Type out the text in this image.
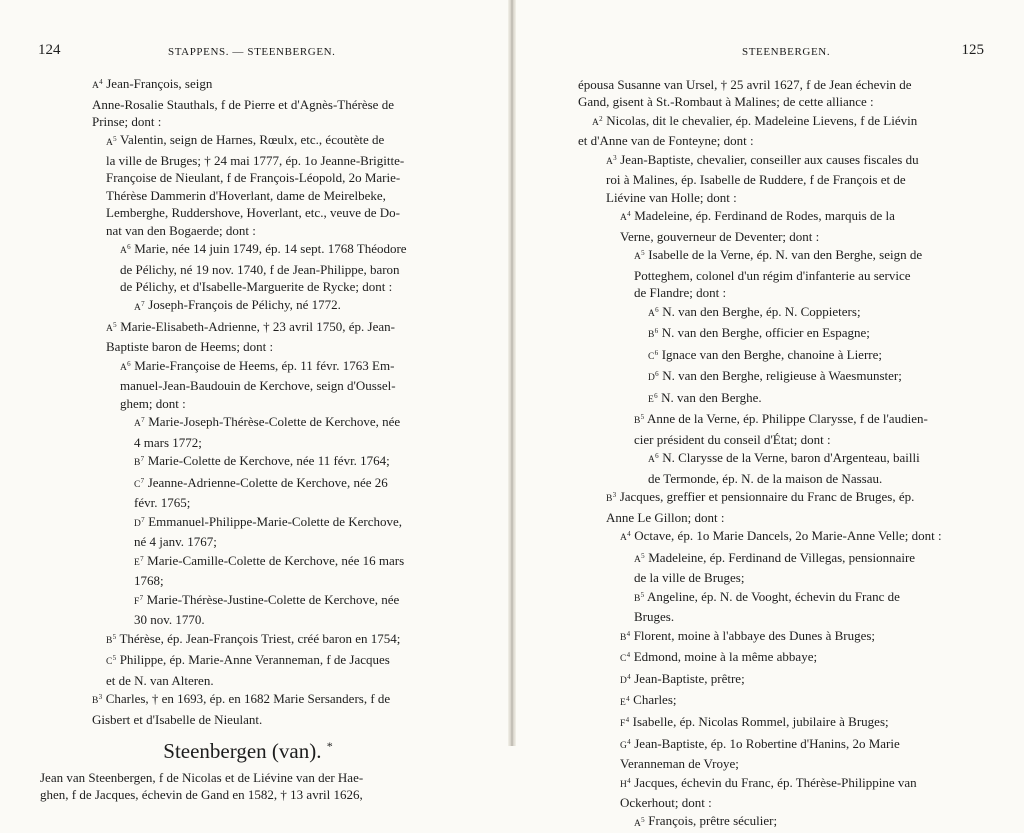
124	STAPPENS. — STEENBERGEN.

$A^4$ Jean-François, seign

Anne-Rosalie Stauthals, f de Pierre et d'Agnès-Thérèse de

Prinse; dont :

$A^5$ Valentin, seign de Harnes, Rœulx, etc., écoutète de

la ville de Bruges; † 24 mai 1777, ép. 1o Jeanne-Brigitte-

Françoise de Nieulant, f de François-Léopold, 2o Marie-

Thérèse Dammerin d'Hoverlant, dame de Meirelbeke,

Lemberghe, Ruddershove, Hoverlant, etc., veuve de Do-

nat van den Bogaerde; dont :

$A^6$ Marie, née 14 juin 1749, ép. 14 sept. 1768 Théodore

de Pélichy, né 19 nov. 1740, f de Jean-Philippe, baron

de Pélichy, et d'Isabelle-Marguerite de Rycke; dont :

$A^7$ Joseph-François de Pélichy, né 1772.

$A^5$ Marie-Elisabeth-Adrienne, † 23 avril 1750, ép. Jean-

Baptiste baron de Heems; dont :

$A^6$ Marie-Françoise de Heems, ép. 11 févr. 1763 Em-

manuel-Jean-Baudouin de Kerchove, seign d'Oussel-

ghem; dont :

$A^7$ Marie-Joseph-Thérèse-Colette de Kerchove, née

4 mars 1772;

$B^7$ Marie-Colette de Kerchove, née 11 févr. 1764;

$C^7$ Jeanne-Adrienne-Colette de Kerchove, née 26

févr. 1765;

$D^7$ Emmanuel-Philippe-Marie-Colette de Kerchove,

né 4 janv. 1767;

$E^7$ Marie-Camille-Colette de Kerchove, née 16 mars

1768;

$F^7$ Marie-Thérèse-Justine-Colette de Kerchove, née

30 nov. 1770.

$B^5$ Thérèse, ép. Jean-François Triest, créé baron en 1754;

$C^5$ Philippe, ép. Marie-Anne Veranneman, f de Jacques

et de N. van Alteren.

$B^3$ Charles, † en 1693, ép. en 1682 Marie Sersanders, f de

Gisbert et d'Isabelle de Nieulant.

Steenbergen (van). *

Jean van Steenbergen, f de Nicolas et de Liévine van der Hae-

ghen, f de Jacques, échevin de Gand en 1582, † 13 avril 1626,

STEENBERGEN.	125

épousa Susanne van Ursel, † 25 avril 1627, f de Jean échevin de

Gand, gisent à St.-Rombaut à Malines; de cette alliance :

$A^2$ Nicolas, dit le chevalier, ép. Madeleine Lievens, f de Liévin

et d'Anne van de Fonteyne; dont :

$A^3$ Jean-Baptiste, chevalier, conseiller aux causes fiscales du

roi à Malines, ép. Isabelle de Ruddere, f de François et de

Liévine van Holle; dont :

$A^4$ Madeleine, ép. Ferdinand de Rodes, marquis de la

Verne, gouverneur de Deventer; dont :

$A^5$ Isabelle de la Verne, ép. N. van den Berghe, seign de

Potteghem, colonel d'un régim d'infanterie au service

de Flandre; dont :

$A^6$ N. van den Berghe, ép. N. Coppieters;

$B^6$ N. van den Berghe, officier en Espagne;

$C^6$ Ignace van den Berghe, chanoine à Lierre;

$D^6$ N. van den Berghe, religieuse à Waesmunster;

$E^6$ N. van den Berghe.

$B^5$ Anne de la Verne, ép. Philippe Clarysse, f de l'audien-

cier président du conseil d'État; dont :

$A^6$ N. Clarysse de la Verne, baron d'Argenteau, bailli

de Termonde, ép. N. de la maison de Nassau.

$B^3$ Jacques, greffier et pensionnaire du Franc de Bruges, ép.

Anne Le Gillon; dont :

$A^4$ Octave, ép. 1o Marie Dancels, 2o Marie-Anne Velle; dont :

$A^5$ Madeleine, ép. Ferdinand de Villegas, pensionnaire

de la ville de Bruges;

$B^5$ Angeline, ép. N. de Vooght, échevin du Franc de

Bruges.

$B^4$ Florent, moine à l'abbaye des Dunes à Bruges;

$C^4$ Edmond, moine à la même abbaye;

$D^4$ Jean-Baptiste, prêtre;

$E^4$ Charles;

$F^4$ Isabelle, ép. Nicolas Rommel, jubilaire à Bruges;

$G^4$ Jean-Baptiste, ép. 1o Robertine d'Hanins, 2o Marie

Veranneman de Vroye;

$H^4$ Jacques, échevin du Franc, ép. Thérèse-Philippine van

Ockerhout; dont :

$A^5$ François, prêtre séculier;
